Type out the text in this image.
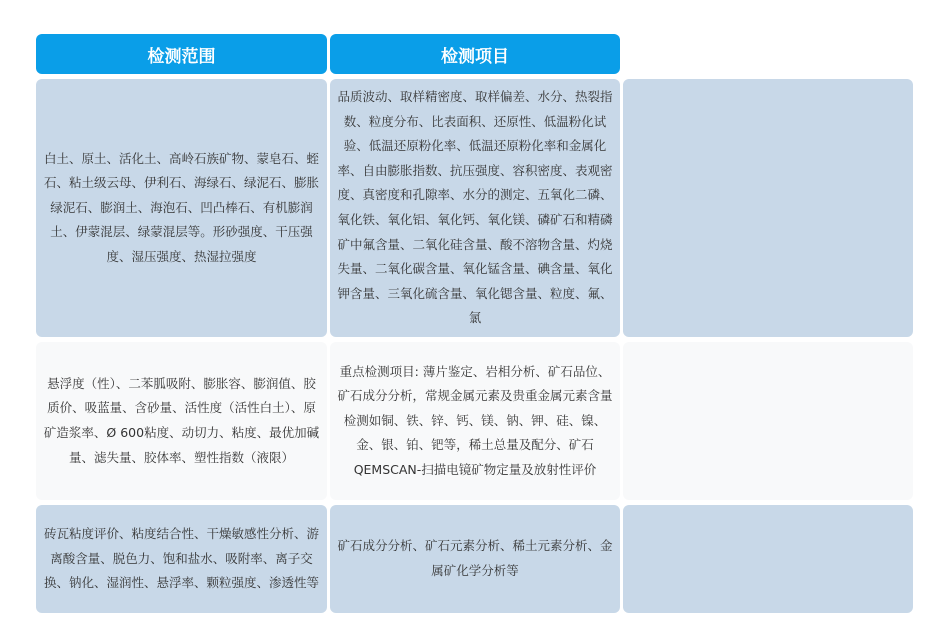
检测范围	检测项目	
白土、原土、活化土、高岭石族矿物、蒙皂石、蛭石、粘土级云母、伊利石、海绿石、绿泥石、膨胀绿泥石、膨润土、海泡石、凹凸棒石、有机膨润土、伊蒙混层、绿蒙混层等。形砂强度、干压强度、湿压强度、热湿拉强度	品质波动、取样精密度、取样偏差、水分、热裂指数、粒度分布、比表面积、还原性、低温粉化试验、低温还原粉化率、低温还原粉化率和金属化率、自由膨胀指数、抗压强度、容积密度、表观密度、真密度和孔隙率、水分的测定、五氧化二磷、氧化铁、氧化铝、氧化钙、氧化镁、磷矿石和精磷矿中氟含量、二氧化硅含量、酸不溶物含量、灼烧失量、二氧化碳含量、氧化锰含量、碘含量、氧化钾含量、三氧化硫含量、氧化锶含量、粒度、氟、氯	
悬浮度（性）、二苯胍吸附、膨胀容、膨润值、胶质价、吸蓝量、含砂量、活性度（活性白土）、原矿造浆率、Ø 600粘度、动切力、粘度、最优加碱量、滤失量、胶体率、塑性指数（液限）	重点检测项目: 薄片鉴定、岩相分析、矿石品位、矿石成分分析，常规金属元素及贵重金属元素含量检测如铜、铁、锌、钙、镁、钠、钾、硅、镍、金、银、铂、钯等，稀土总量及配分、矿石QEMSCAN-扫描电镜矿物定量及放射性评价	
砖瓦粘度评价、粘度结合性、干燥敏感性分析、游离酸含量、脱色力、饱和盐水、吸附率、离子交换、钠化、湿润性、悬浮率、颗粒强度、渗透性等	矿石成分分析、矿石元素分析、稀土元素分析、金属矿化学分析等	
